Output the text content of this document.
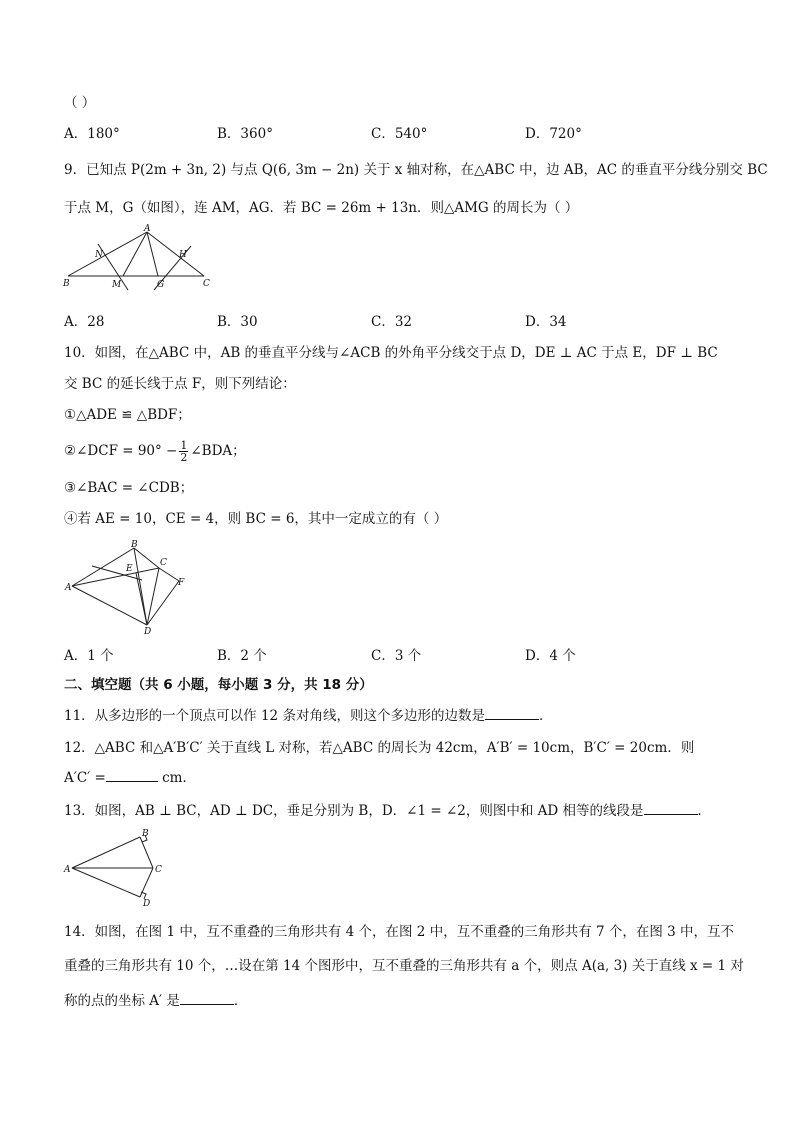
（ ）
A．180°	B．360°	C．540°	D．720°
9．已知点 P(2m + 3n, 2) 与点 Q(6, 3m − 2n) 关于 x 轴对称，在△ABC 中，边 AB，AC 的垂直平分线分别交 BC
于点 M，G（如图），连 AM，AG．若 BC = 26m + 13n．则△AMG 的周长为（ ）
A
B	C
M	G
N	H
A．28	B．30	C．32	D．34
10．如图，在△ABC 中，AB 的垂直平分线与∠ACB 的外角平分线交于点 D，DE ⊥ AC 于点 E，DF ⊥ BC
交 BC 的延长线于点 F，则下列结论：
①△ADE ≌ △BDF；
②∠DCF = $90^\circ - \frac{1}{2}$ ∠BDA；
③∠BAC = ∠CDB；
④若 AE = 10，CE = 4，则 BC = 6，其中一定成立的有（ ）
B
A
C
E
F
D
A．1 个	B．2 个	C．3 个	D．4 个
二、填空题（共 6 小题，每小题 3 分，共 18 分）
11．从多边形的一个顶点可以作 12 条对角线，则这个多边形的边数是	．
12．△ABC 和△A′B′C′ 关于直线 L 对称，若△ABC 的周长为 42cm，A′B′ = 10cm，B′C′ = 20cm．则
A′C′ =	cm．
13．如图，AB ⊥ BC，AD ⊥ DC，垂足分别为 B，D．∠1 = ∠2，则图中和 AD 相等的线段是	．
B
A	C
D
14．如图，在图 1 中，互不重叠的三角形共有 4 个，在图 2 中，互不重叠的三角形共有 7 个，在图 3 中，互不
重叠的三角形共有 10 个，…设在第 14 个图形中，互不重叠的三角形共有 a 个，则点 A(a, 3) 关于直线 x = 1 对
称的点的坐标 A′ 是	．
